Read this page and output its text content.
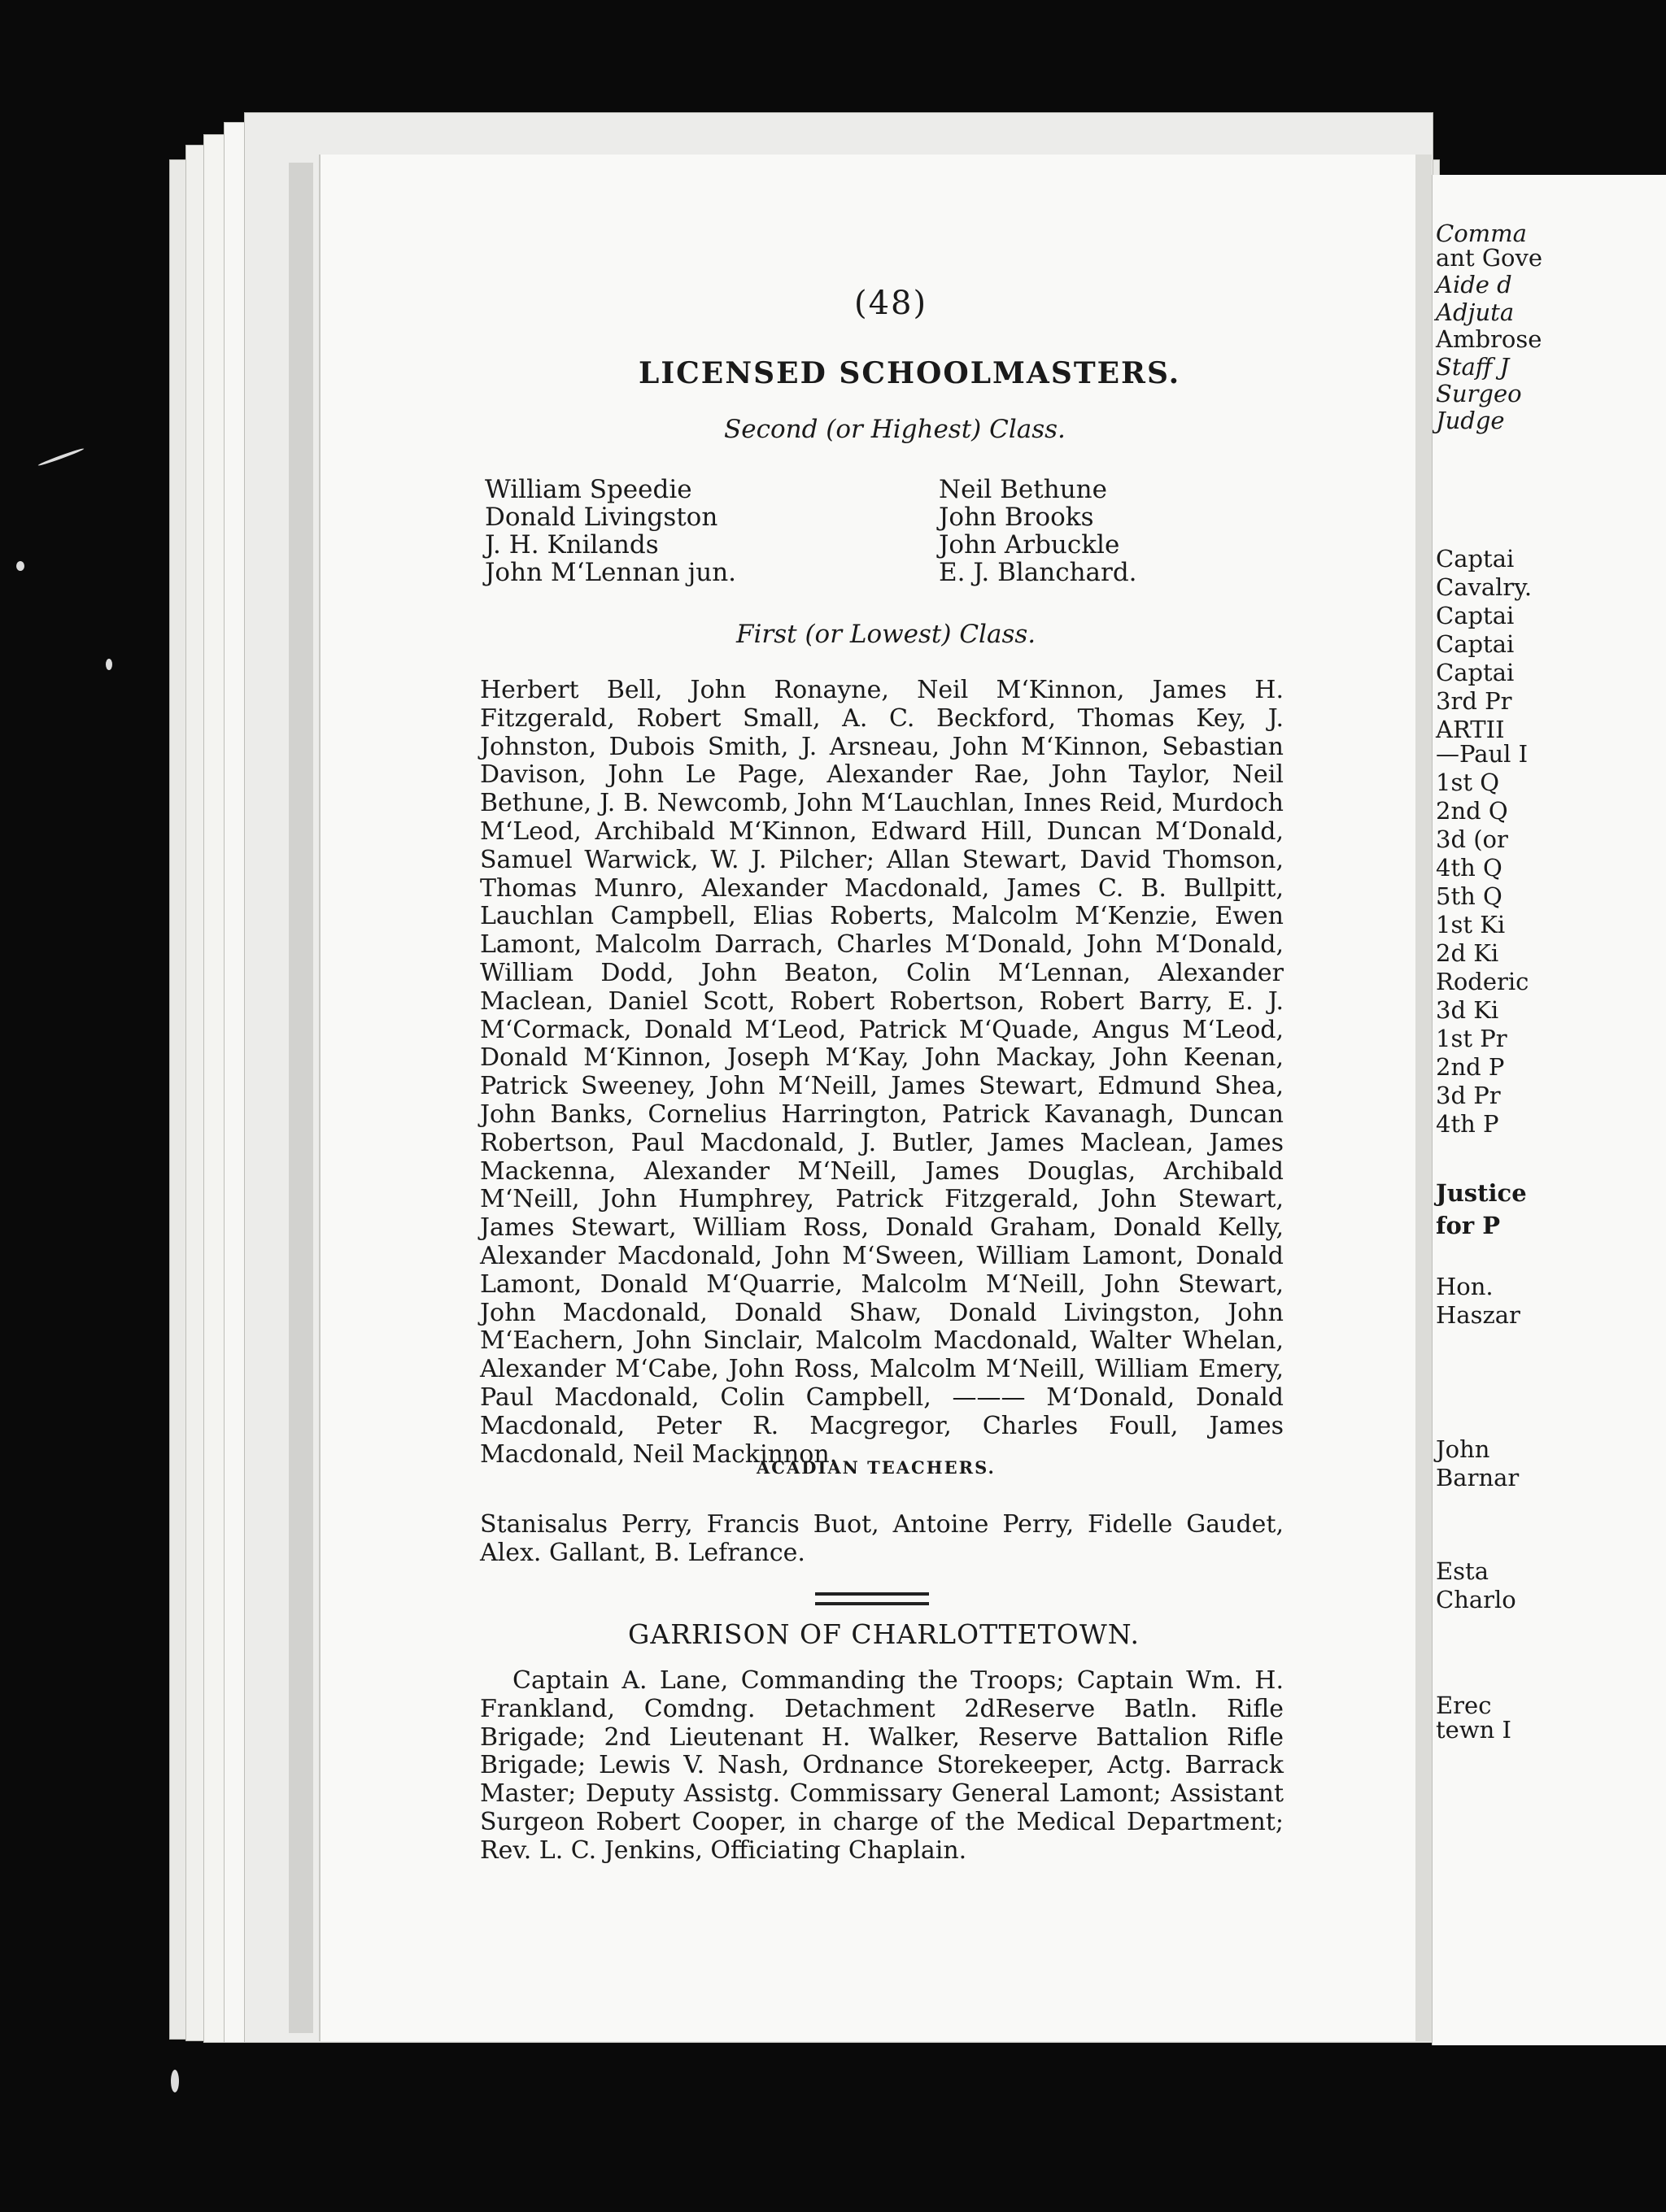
(48)
LICENSED SCHOOLMASTERS.
Second (or Highest) Class.
William Speedie
Donald Livingston
J. H. Knilands
John M‘Lennan jun.
Neil Bethune
John Brooks
John Arbuckle
E. J. Blanchard.
First (or Lowest) Class.
Herbert Bell, John Ronayne, Neil M‘Kinnon, James H. Fitzgerald, Robert Small, A. C. Beckford, Thomas Key, J. Johnston, Dubois Smith, J. Arsneau, John M‘Kinnon, Sebastian Davison, John Le Page, Alexander Rae, John Taylor, Neil Bethune, J. B. Newcomb, John M‘Lauchlan, Innes Reid, Murdoch M‘Leod, Archibald M‘Kinnon, Edward Hill, Duncan M‘Donald, Samuel Warwick, W. J. Pilcher; Allan Stewart, David Thomson, Thomas Munro, Alexander Macdonald, James C. B. Bullpitt, Lauchlan Campbell, Elias Roberts, Malcolm M‘Kenzie, Ewen Lamont, Malcolm Darrach, Charles M‘Donald, John M‘Donald, William Dodd, John Beaton, Colin M‘Lennan, Alexander Maclean, Daniel Scott, Robert Robertson, Robert Barry, E. J. M‘Cormack, Donald M‘Leod, Patrick M‘Quade, Angus M‘Leod, Donald M‘Kinnon, Joseph M‘Kay, John Mackay, John Keenan, Patrick Sweeney, John M‘Neill, James Stewart, Edmund Shea, John Banks, Cornelius Harrington, Patrick Kavanagh, Duncan Robertson, Paul Macdonald, J. Butler, James Maclean, James Mackenna, Alexander M‘Neill, James Douglas, Archibald M‘Neill, John Humphrey, Patrick Fitzgerald, John Stewart, James Stewart, William Ross, Donald Graham, Donald Kelly, Alexander Macdonald, John M‘Sween, William Lamont, Donald Lamont, Donald M‘Quarrie, Malcolm M‘Neill, John Stewart, John Macdonald, Donald Shaw, Donald Livingston, John M‘Eachern, John Sinclair, Malcolm Macdonald, Walter Whelan, Alexander M‘Cabe, John Ross, Malcolm M‘Neill, William Emery, Paul Macdonald, Colin Campbell, ——— M‘Donald, Donald Macdonald, Peter R. Macgregor, Charles Foull, James Macdonald, Neil Mackinnon.
ACADIAN TEACHERS.
Stanisalus Perry, Francis Buot, Antoine Perry, Fidelle Gaudet, Alex. Gallant, B. Lefrance.
GARRISON OF CHARLOTTETOWN.
Captain A. Lane, Commanding the Troops; Captain Wm. H. Frankland, Comdng. Detachment 2dReserve Batln. Rifle Brigade; 2nd Lieutenant H. Walker, Reserve Battalion Rifle Brigade; Lewis V. Nash, Ordnance Storekeeper, Actg. Barrack Master; Deputy Assistg. Commissary General Lamont; Assistant Surgeon Robert Cooper, in charge of the Medical Department; Rev. L. C. Jenkins, Officiating Chaplain.
Comma
ant Gove
Aide d
Adjuta
Ambrose
Staff J
Surgeo
Judge
Captai
Cavalry.
Captai
Captai
Captai
3rd Pr
ARTII
—Paul I
1st Q
2nd Q
3d (or
4th Q
5th Q
1st Ki
2d Ki
Roderic
3d Ki
1st Pr
2nd P
3d Pr
4th P
Justice
for P
Hon.
Haszar
John
Barnar
Esta
Charlo
Erec
tewn I
